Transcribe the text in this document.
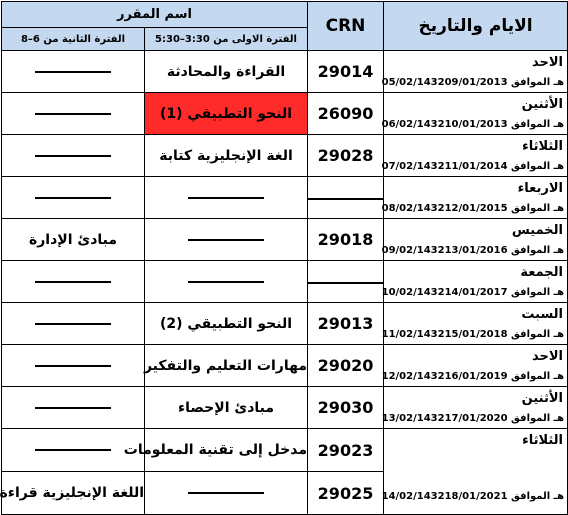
اسم المقرر		CRN	الايام والتاريخ
الفترة الثانية من 6–8	الفترة الاولى من 3:30–5:30		
	القراءة والمحادثة	29014	الاحد
05/02/1432هـ الموافق 09/01/2013

	النحو التطبيقي (1)	26090	الأثنين
06/02/1432هـ الموافق 10/01/2013

	الغة الإنجليزية كتابة	29028	الثلاثاء
07/02/1432هـ الموافق 11/01/2014

			الاربعاء
08/02/1432هـ الموافق 12/01/2015

مبادئ الإدارة		29018	الخميس
09/02/1432هـ الموافق 13/01/2016

			الجمعة
10/02/1432هـ الموافق 14/01/2017

	النحو التطبيقي (2)	29013	السبت
11/02/1432هـ الموافق 15/01/2018

	مهارات التعليم والتفكير	29020	الاحد
12/02/1432هـ الموافق 16/01/2019

	مبادئ الإحصاء	29030	الأثنين
13/02/1432هـ الموافق 17/01/2020

	مدخل إلى تقنية المعلومات	29023	الثلاثاء
14/02/1432هـ الموافق 18/01/2021

اللغة الإنجليزية قراءة		29025	
